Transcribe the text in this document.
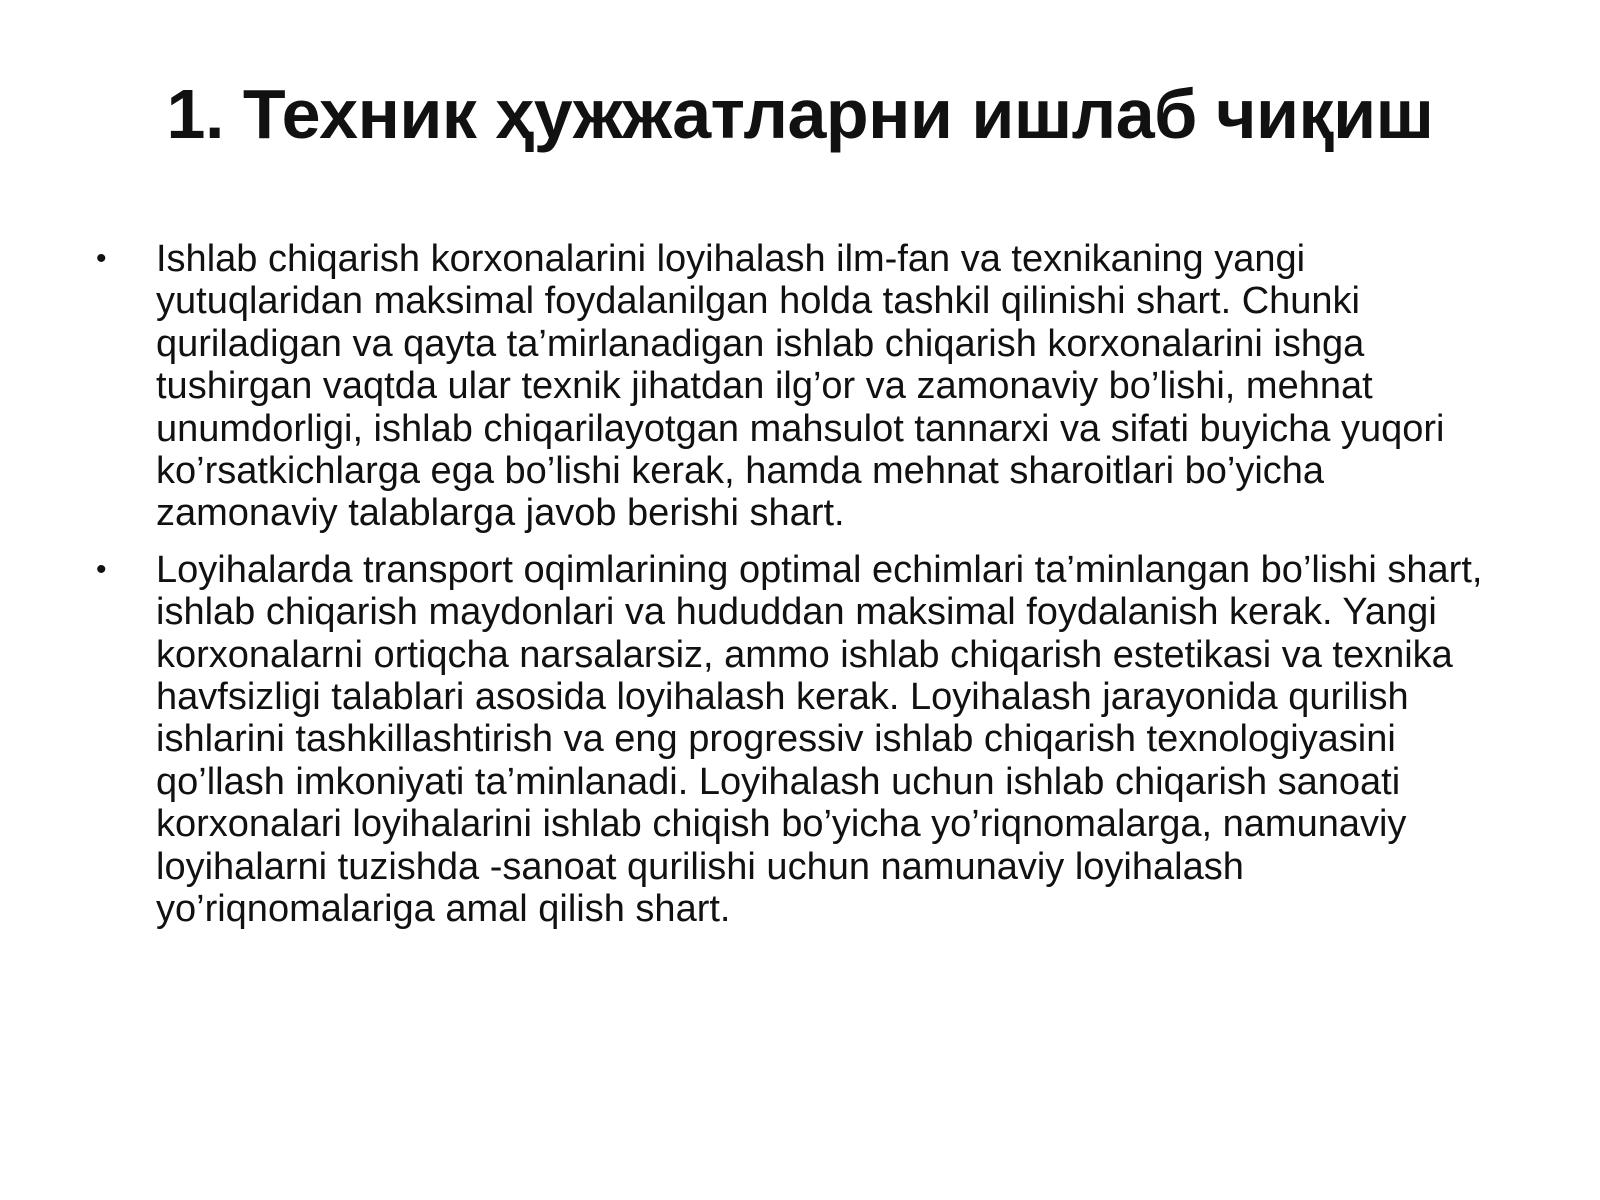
1. Техник ҳужжатларни ишлаб чиқиш
• Ishlab chiqarish korxonalarini loyihalash ilm-fan va texnikaning yangi yutuqlaridan maksimal foydalanilgan holda tashkil qilinishi shart. Chunki quriladigan va qayta ta’mirlanadigan ishlab chiqarish korxonalarini ishga tushirgan vaqtda ular texnik jihatdan ilg’or va zamonaviy bo’lishi, mehnat unumdorligi, ishlab chiqarilayotgan mahsulot tannarxi va sifati buyicha yuqori ko’rsatkichlarga ega bo’lishi kerak, hamda mehnat sharoitlari bo’yicha zamonaviy talablarga javob berishi shart.
• Loyihalarda transport oqimlarining optimal echimlari ta’minlangan bo’lishi shart, ishlab chiqarish maydonlari va hududdan maksimal foydalanish kerak. Yangi korxonalarni ortiqcha narsalarsiz, ammo ishlab chiqarish estetikasi va texnika havfsizligi talablari asosida loyihalash kerak. Loyihalash jarayonida qurilish ishlarini tashkillashtirish va eng progressiv ishlab chiqarish texnologiyasini qo’llash imkoniyati ta’minlanadi. Loyihalash uchun ishlab chiqarish sanoati korxonalari loyihalarini ishlab chiqish bo’yicha yo’riqnomalarga, namunaviy loyihalarni tuzishda -sanoat qurilishi uchun namunaviy loyihalash yo’riqnomalariga amal qilish shart.
